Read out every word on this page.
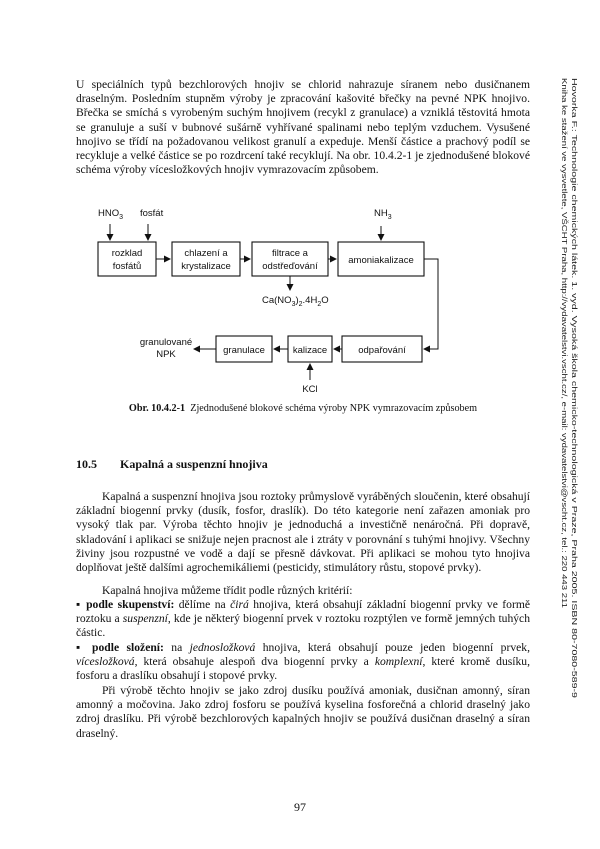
Hovorka F.: Technologie chemických látek. 1. vyd. Vysoká škola chemicko-technologická v Praze, Praha 2005. ISBN 80-7080-589-9
Kniha ke stažení ve vysvetlete, VŠCHT Praha, http://vydavatelstvi.vscht.cz/, e-mail: vydavatelstvi@vscht.cz, tel.: 220 443 211

U speciálních typů bezchlorových hnojiv se chlorid nahrazuje síranem nebo dusičnanem draselným. Posledním stupněm výroby je zpracování kašovité břečky na pevné NPK hnojivo. Břečka se smíchá s vyrobeným suchým hnojivem (recykl z granulace) a vzniklá těstovitá hmota se granuluje a suší v bubnové sušárně vyhřívané spalinami nebo teplým vzduchem. Vysušené hnojivo se třídí na požadovanou velikost granulí a expeduje. Menší částice a prachový podíl se recykluje a velké částice se po rozdrcení také recyklují. Na obr. 10.4.2-1 je zjednodušené blokové schéma výroby vícesložkových hnojiv vymrazovacím způsobem.

$HNO_3$ fosfát	$NH_3$
rozklad
fosfátů
chlazení a
krystalizace
filtrace a
odstřeďování
amoniakalizace
$Ca(NO_3)_2.4H_2O$
odpařování
kalizace
granulace
KCl
granulované
NPK
Obr. 10.4.2-1 Zjednodušené blokové schéma výroby NPK vymrazovacím způsobem
10.5 Kapalná a suspenzní hnojiva

Kapalná a suspenzní hnojiva jsou roztoky průmyslově vyráběných sloučenin, které obsahují základní biogenní prvky (dusík, fosfor, draslík). Do této kategorie není zařazen amoniak pro vysoký tlak par. Výroba těchto hnojiv je jednoduchá a investičně nenáročná. Při dopravě, skladování i aplikaci se snižuje nejen pracnost ale i ztráty v porovnání s tuhými hnojivy. Všechny živiny jsou rozpustné ve vodě a dají se přesně dávkovat. Při aplikaci se mohou tyto hnojiva doplňovat ještě dalšími agrochemikáliemi (pesticidy, stimulátory růstu, stopové prvky).

Kapalná hnojiva můžeme třídit podle různých kritérií:

▪ podle skupenství: dělíme na čirá hnojiva, která obsahují základní biogenní prvky ve formě roztoku a suspenzní, kde je některý biogenní prvek v roztoku rozptýlen ve formě jemných tuhých částic.
▪ podle složení: na jednosložková hnojiva, která obsahují pouze jeden biogenní prvek, vícesložková, která obsahuje alespoň dva biogenní prvky a komplexní, které kromě dusíku, fosforu a draslíku obsahují i stopové prvky.

Při výrobě těchto hnojiv se jako zdroj dusíku používá amoniak, dusičnan amonný, síran amonný a močovina. Jako zdroj fosforu se používá kyselina fosforečná a chlorid draselný jako zdroj draslíku. Při výrobě bezchlorových kapalných hnojiv se používá dusičnan draselný a síran draselný.

97
